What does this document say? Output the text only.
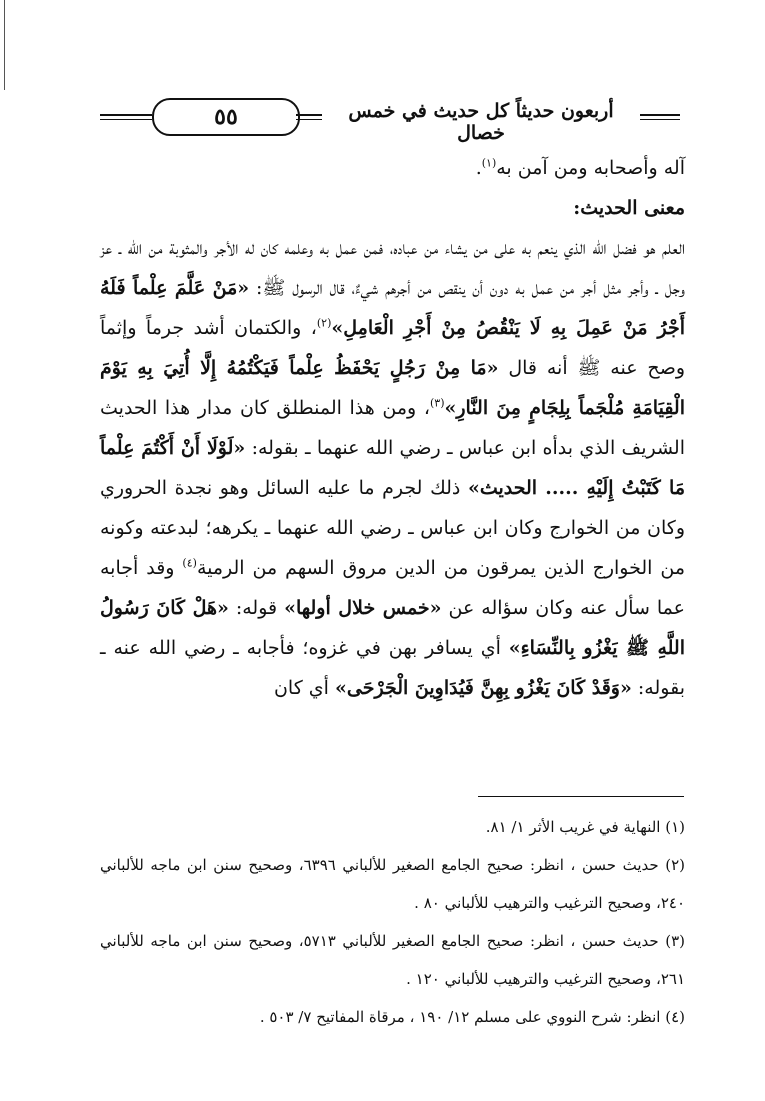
٥٥	أربعون حديثاً كل حديث في خمس خصال

آله وأصحابه ومن آمن به$^{(١)}$.

معنى الحديث:

العلم هو فضل الله الذي ينعم به على من يشاء من عباده، فمن عمل به وعلمه كان له الأجر والمثوبة من الله ـ عز وجل ـ وأجر مثل أجر من عمل به دون أن ينقص من أجرهم شيءٌ، قال الرسول ﷺ: «مَنْ عَلَّمَ عِلْماً فَلَهُ أَجْرُ مَنْ عَمِلَ بِهِ لَا يَنْقُصُ مِنْ أَجْرِ الْعَامِلِ»$^{(٢)}$، والكتمان أشد جرماً وإثماً وصح عنه ﷺ أنه قال «مَا مِنْ رَجُلٍ يَحْفَظُ عِلْماً فَيَكْتُمُهُ إِلَّا أُتِيَ بِهِ يَوْمَ الْقِيَامَةِ مُلْجَماً بِلِجَامٍ مِنَ النَّارِ»$^{(٣)}$، ومن هذا المنطلق كان مدار هذا الحديث الشريف الذي بدأه ابن عباس ـ رضي الله عنهما ـ بقوله: «لَوْلَا أَنْ أَكْتُمَ عِلْماً مَا كَتَبْتُ إِلَيْهِ ..... الحديث» ذلك لجرم ما عليه السائل وهو نجدة الحروري وكان من الخوارج وكان ابن عباس ـ رضي الله عنهما ـ يكرهه؛ لبدعته وكونه من الخوارج الذين يمرقون من الدين مروق السهم من الرمية$^{(٤)}$ وقد أجابه عما سأل عنه وكان سؤاله عن «خمس خلال أولها» قوله: «هَلْ كَانَ رَسُولُ اللَّهِ ﷺ يَغْزُو بِالنِّسَاءِ» أي يسافر بهن في غزوه؛ فأجابه ـ رضي الله عنه ـ بقوله: «وَقَدْ كَانَ يَغْزُو بِهِنَّ فَيُدَاوِينَ الْجَرْحَى» أي كان

(١) النهاية في غريب الأثر ١/ ٨١.

(٢) حديث حسن ، انظر: صحيح الجامع الصغير للألباني ٦٣٩٦، وصحيح سنن ابن ماجه للألباني ٢٤٠، وصحيح الترغيب والترهيب للألباني ٨٠ .

(٣) حديث حسن ، انظر: صحيح الجامع الصغير للألباني ٥٧١٣، وصحيح سنن ابن ماجه للألباني ٢٦١، وصحيح الترغيب والترهيب للألباني ١٢٠ .

(٤) انظر: شرح النووي على مسلم ١٢/ ١٩٠ ، مرقاة المفاتيح ٧/ ٥٠٣ .
